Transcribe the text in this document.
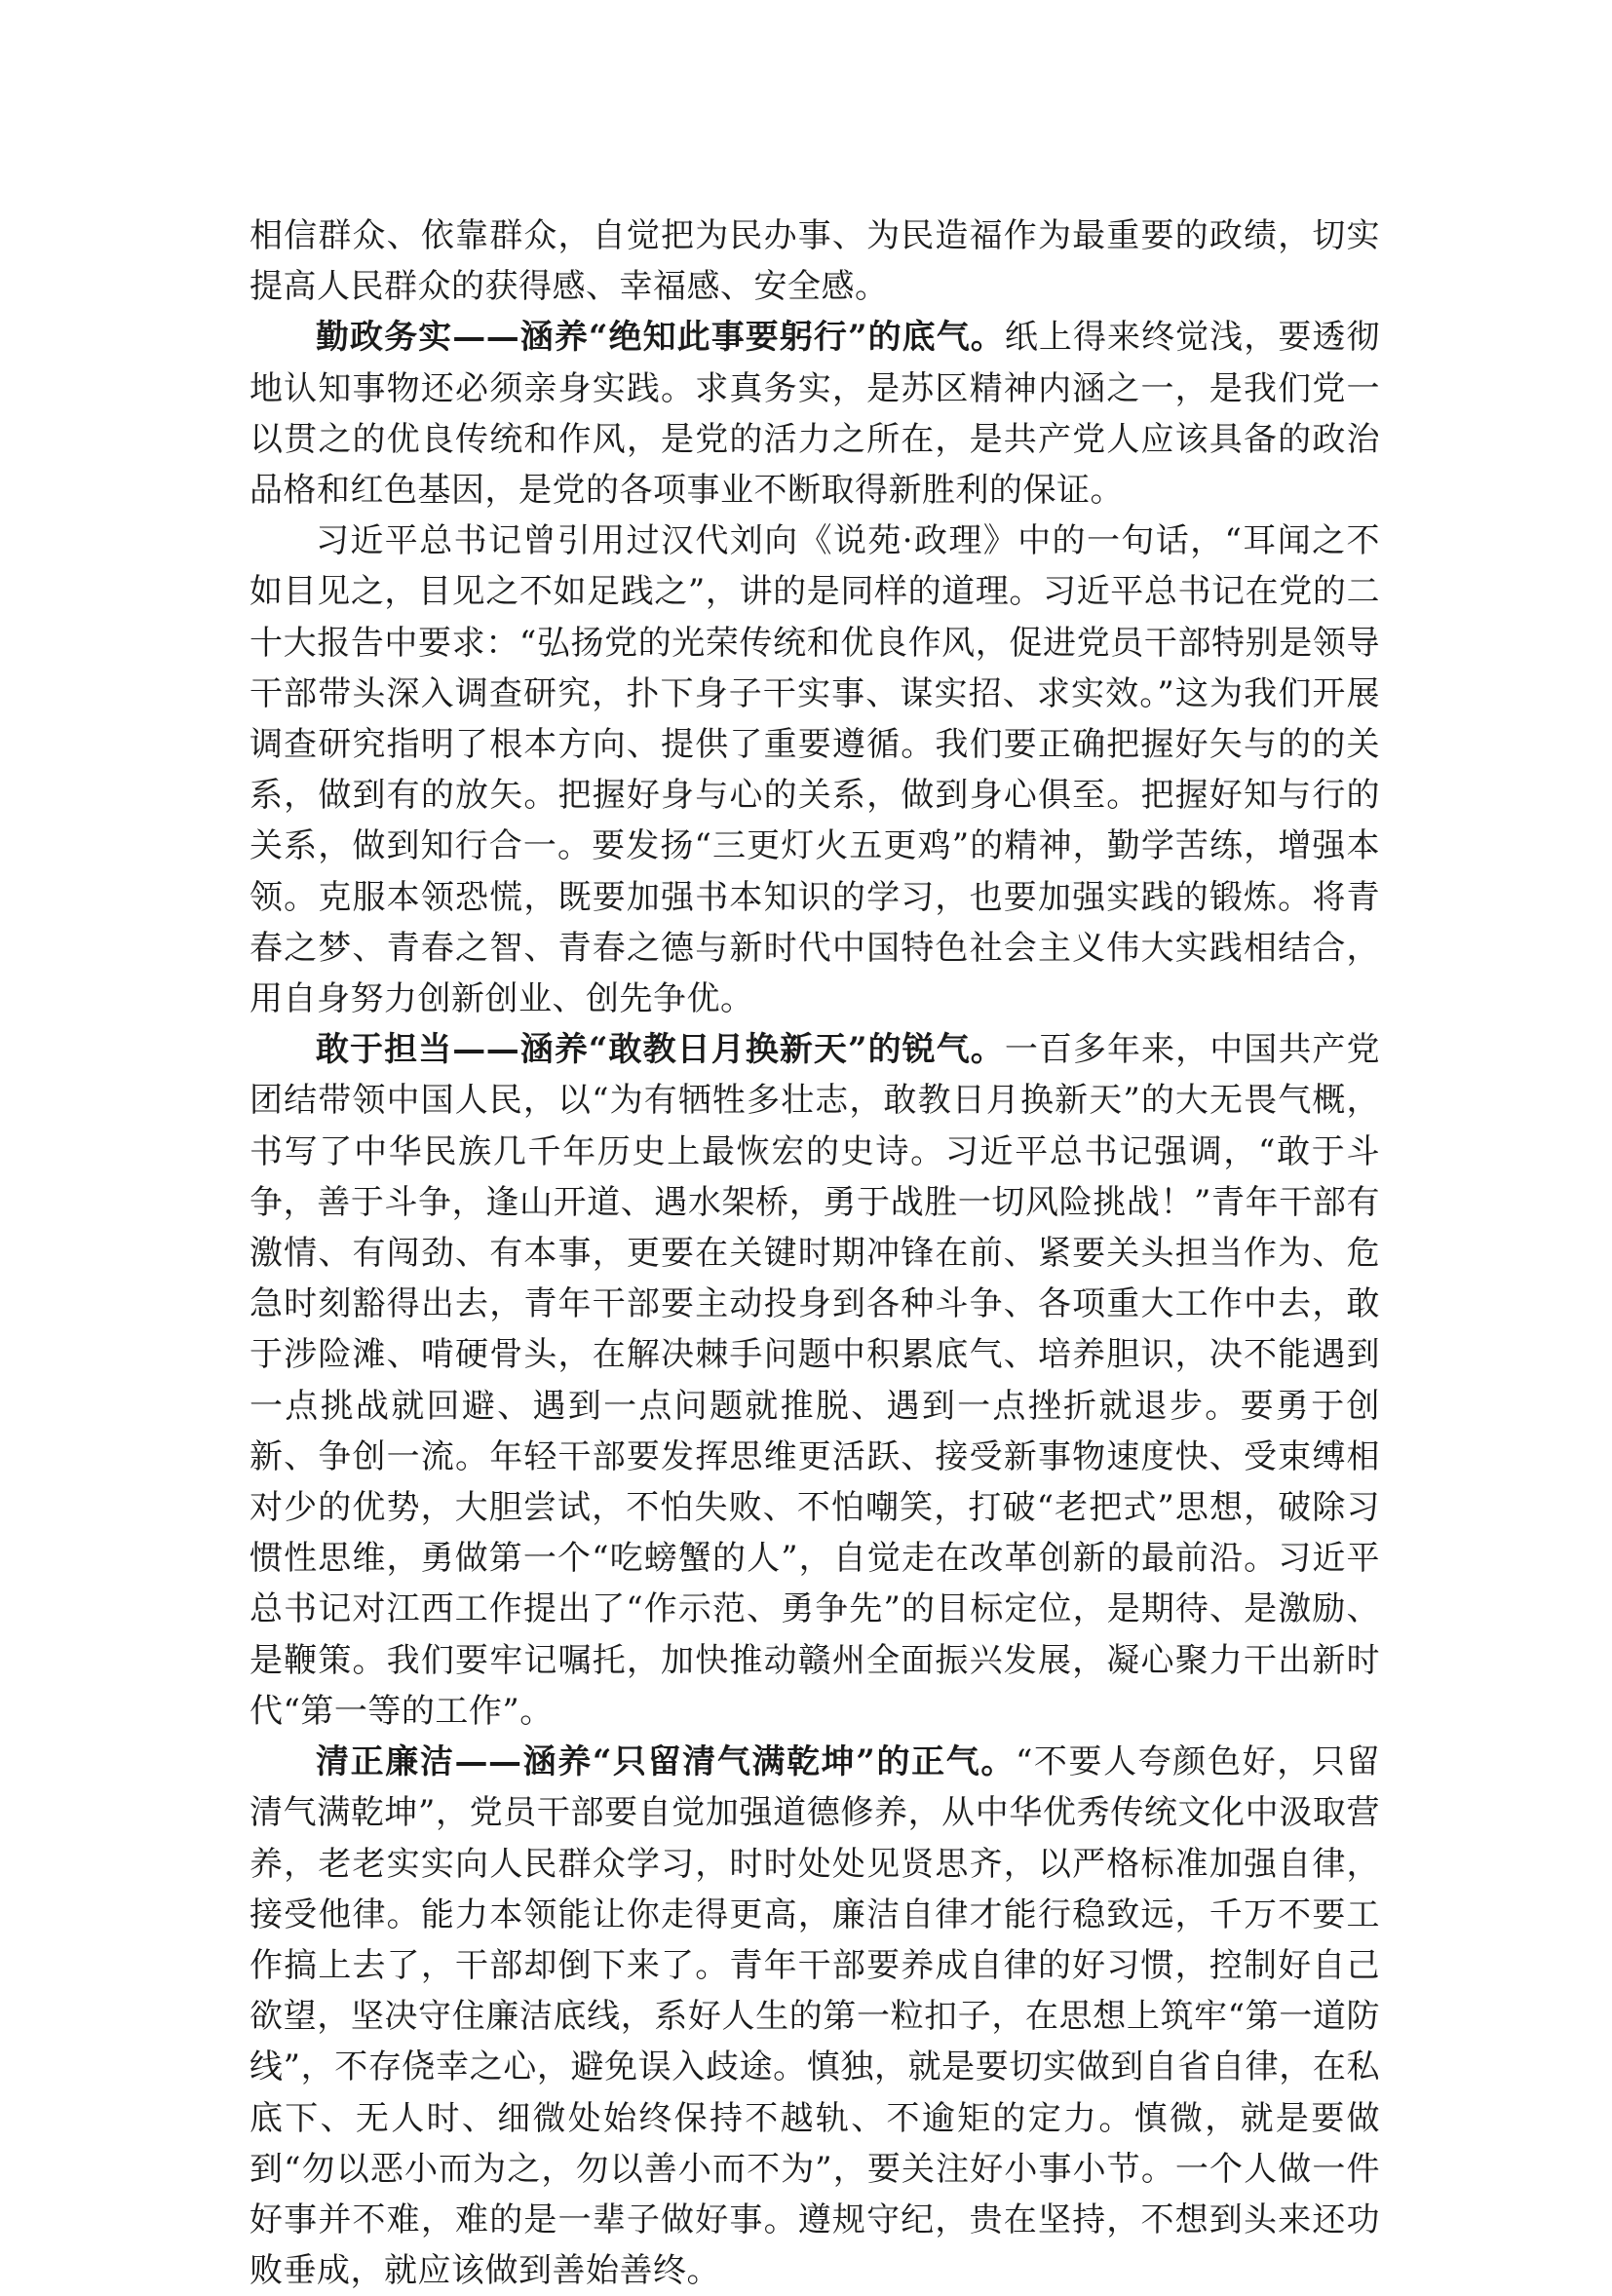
相信群众、依靠群众，自觉把为民办事、为民造福作为最重要的政绩，切实提高人民群众的获得感、幸福感、安全感。

勤政务实——涵养“绝知此事要躬行”的底气。纸上得来终觉浅，要透彻地认知事物还必须亲身实践。求真务实，是苏区精神内涵之一，是我们党一以贯之的优良传统和作风，是党的活力之所在，是共产党人应该具备的政治品格和红色基因，是党的各项事业不断取得新胜利的保证。

习近平总书记曾引用过汉代刘向《说苑·政理》中的一句话，“耳闻之不如目见之，目见之不如足践之”，讲的是同样的道理。习近平总书记在党的二十大报告中要求：“弘扬党的光荣传统和优良作风，促进党员干部特别是领导干部带头深入调查研究，扑下身子干实事、谋实招、求实效。”这为我们开展调查研究指明了根本方向、提供了重要遵循。我们要正确把握好矢与的的关系，做到有的放矢。把握好身与心的关系，做到身心俱至。把握好知与行的关系，做到知行合一。要发扬“三更灯火五更鸡”的精神，勤学苦练，增强本领。克服本领恐慌，既要加强书本知识的学习，也要加强实践的锻炼。将青春之梦、青春之智、青春之德与新时代中国特色社会主义伟大实践相结合，用自身努力创新创业、创先争优。

敢于担当——涵养“敢教日月换新天”的锐气。一百多年来，中国共产党团结带领中国人民，以“为有牺牲多壮志，敢教日月换新天”的大无畏气概，书写了中华民族几千年历史上最恢宏的史诗。习近平总书记强调，“敢于斗争，善于斗争，逢山开道、遇水架桥，勇于战胜一切风险挑战！”青年干部有激情、有闯劲、有本事，更要在关键时期冲锋在前、紧要关头担当作为、危急时刻豁得出去，青年干部要主动投身到各种斗争、各项重大工作中去，敢于涉险滩、啃硬骨头，在解决棘手问题中积累底气、培养胆识，决不能遇到一点挑战就回避、遇到一点问题就推脱、遇到一点挫折就退步。要勇于创新、争创一流。年轻干部要发挥思维更活跃、接受新事物速度快、受束缚相对少的优势，大胆尝试，不怕失败、不怕嘲笑，打破“老把式”思想，破除习惯性思维，勇做第一个“吃螃蟹的人”，自觉走在改革创新的最前沿。习近平总书记对江西工作提出了“作示范、勇争先”的目标定位，是期待、是激励、是鞭策。我们要牢记嘱托，加快推动赣州全面振兴发展，凝心聚力干出新时代“第一等的工作”。

清正廉洁——涵养“只留清气满乾坤”的正气。“不要人夸颜色好，只留清气满乾坤”，党员干部要自觉加强道德修养，从中华优秀传统文化中汲取营养，老老实实向人民群众学习，时时处处见贤思齐，以严格标准加强自律，接受他律。能力本领能让你走得更高，廉洁自律才能行稳致远，千万不要工作搞上去了，干部却倒下来了。青年干部要养成自律的好习惯，控制好自己欲望，坚决守住廉洁底线，系好人生的第一粒扣子，在思想上筑牢“第一道防线”，不存侥幸之心，避免误入歧途。慎独，就是要切实做到自省自律，在私底下、无人时、细微处始终保持不越轨、不逾矩的定力。慎微，就是要做到“勿以恶小而为之，勿以善小而不为”，要关注好小事小节。一个人做一件好事并不难，难的是一辈子做好事。遵规守纪，贵在坚持，不想到头来还功败垂成，就应该做到善始善终。
